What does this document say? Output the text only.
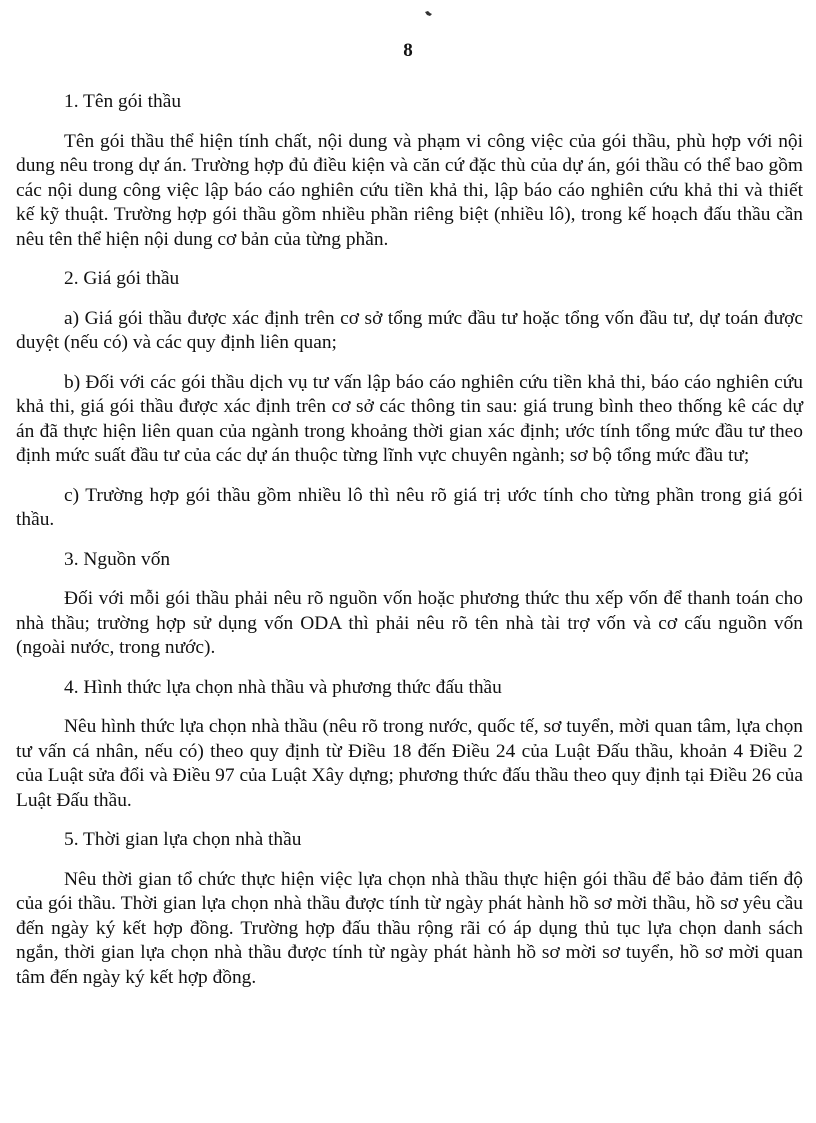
8

1. Tên gói thầu

Tên gói thầu thể hiện tính chất, nội dung và phạm vi công việc của gói thầu, phù hợp với nội dung nêu trong dự án. Trường hợp đủ điều kiện và căn cứ đặc thù của dự án, gói thầu có thể bao gồm các nội dung công việc lập báo cáo nghiên cứu tiền khả thi, lập báo cáo nghiên cứu khả thi và thiết kế kỹ thuật. Trường hợp gói thầu gồm nhiều phần riêng biệt (nhiều lô), trong kế hoạch đấu thầu cần nêu tên thể hiện nội dung cơ bản của từng phần.

2. Giá gói thầu

a) Giá gói thầu được xác định trên cơ sở tổng mức đầu tư hoặc tổng vốn đầu tư, dự toán được duyệt (nếu có) và các quy định liên quan;

b) Đối với các gói thầu dịch vụ tư vấn lập báo cáo nghiên cứu tiền khả thi, báo cáo nghiên cứu khả thi, giá gói thầu được xác định trên cơ sở các thông tin sau: giá trung bình theo thống kê các dự án đã thực hiện liên quan của ngành trong khoảng thời gian xác định; ước tính tổng mức đầu tư theo định mức suất đầu tư của các dự án thuộc từng lĩnh vực chuyên ngành; sơ bộ tổng mức đầu tư;

c) Trường hợp gói thầu gồm nhiều lô thì nêu rõ giá trị ước tính cho từng phần trong giá gói thầu.

3. Nguồn vốn

Đối với mỗi gói thầu phải nêu rõ nguồn vốn hoặc phương thức thu xếp vốn để thanh toán cho nhà thầu; trường hợp sử dụng vốn ODA thì phải nêu rõ tên nhà tài trợ vốn và cơ cấu nguồn vốn (ngoài nước, trong nước).

4. Hình thức lựa chọn nhà thầu và phương thức đấu thầu

Nêu hình thức lựa chọn nhà thầu (nêu rõ trong nước, quốc tế, sơ tuyển, mời quan tâm, lựa chọn tư vấn cá nhân, nếu có) theo quy định từ Điều 18 đến Điều 24 của Luật Đấu thầu, khoản 4 Điều 2 của Luật sửa đổi và Điều 97 của Luật Xây dựng; phương thức đấu thầu theo quy định tại Điều 26 của Luật Đấu thầu.

5. Thời gian lựa chọn nhà thầu

Nêu thời gian tổ chức thực hiện việc lựa chọn nhà thầu thực hiện gói thầu để bảo đảm tiến độ của gói thầu. Thời gian lựa chọn nhà thầu được tính từ ngày phát hành hồ sơ mời thầu, hồ sơ yêu cầu đến ngày ký kết hợp đồng. Trường hợp đấu thầu rộng rãi có áp dụng thủ tục lựa chọn danh sách ngắn, thời gian lựa chọn nhà thầu được tính từ ngày phát hành hồ sơ mời sơ tuyển, hồ sơ mời quan tâm đến ngày ký kết hợp đồng.
